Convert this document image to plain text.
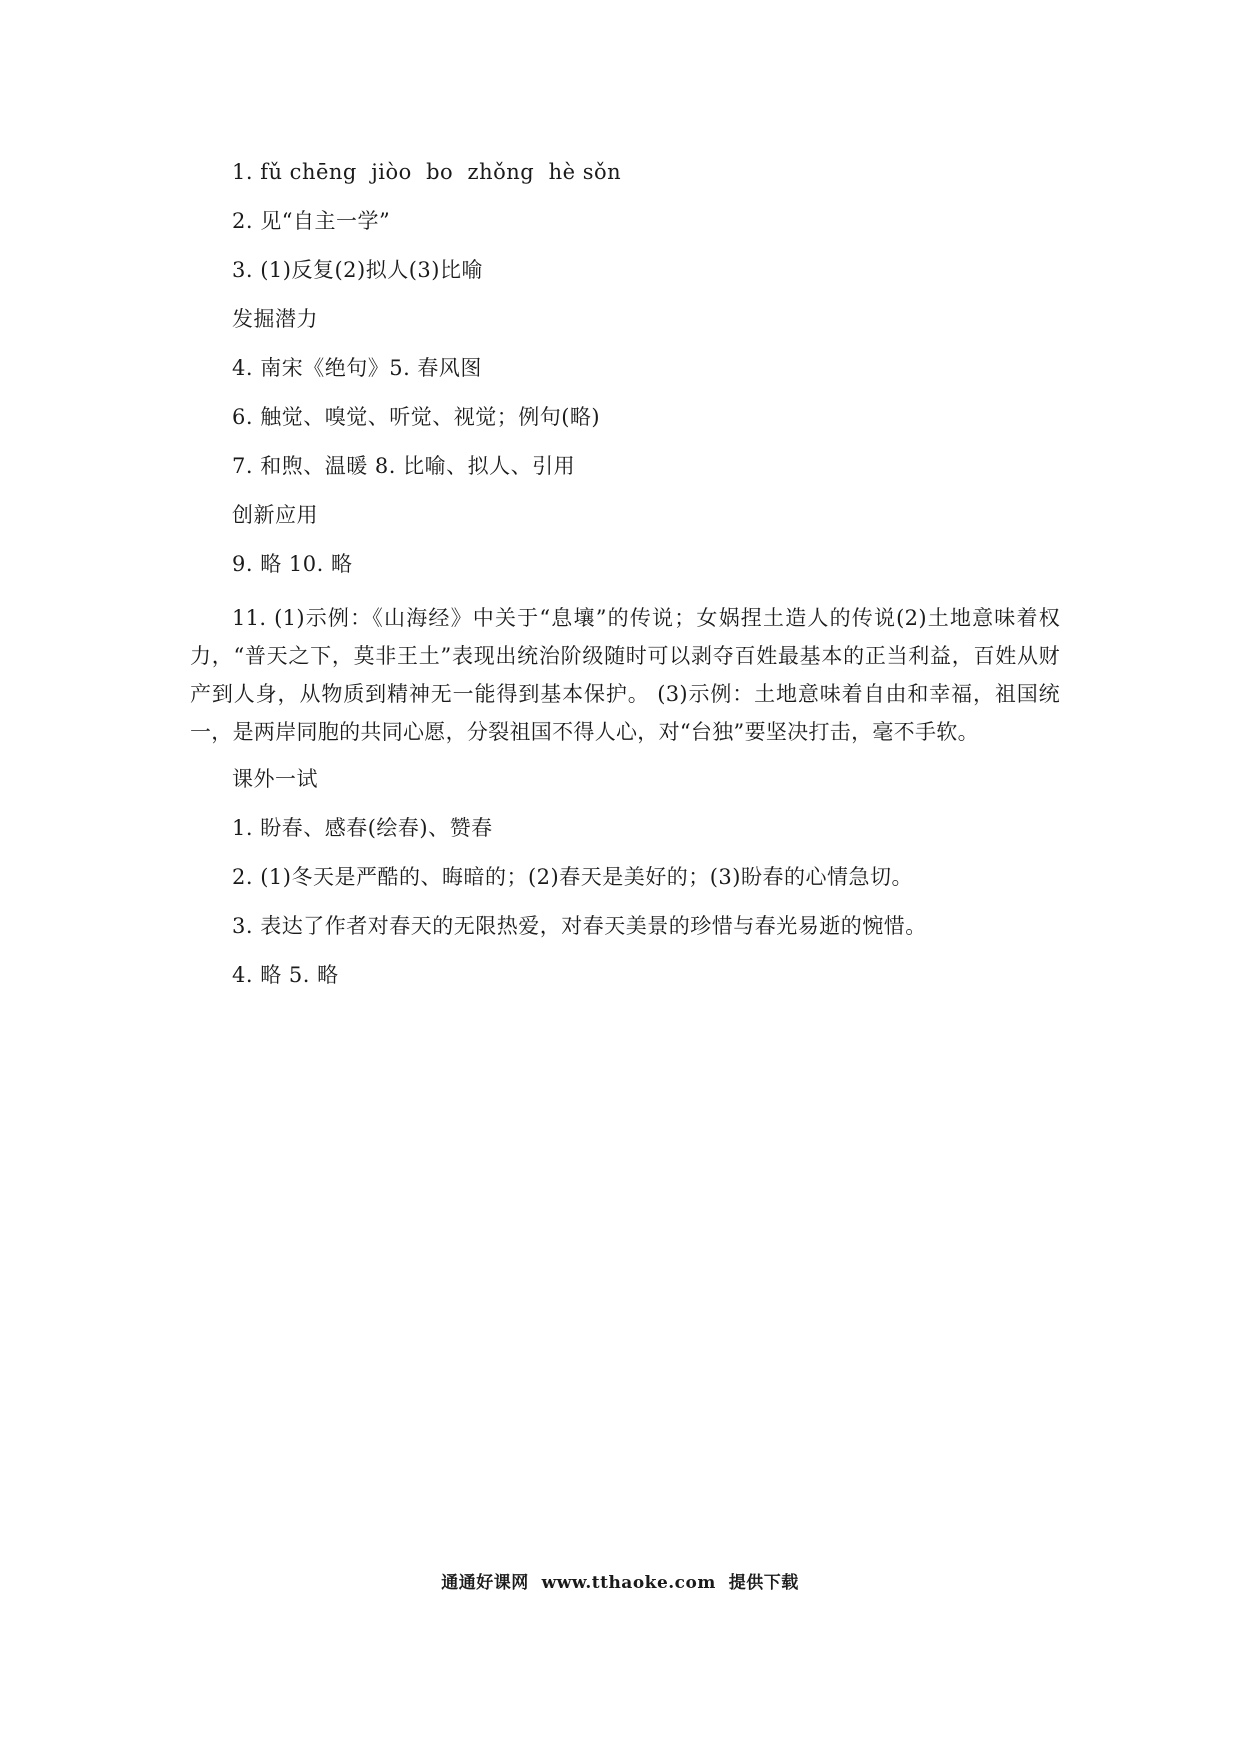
1. fǔ chēng  jiòo  bo  zhǒng  hè sǒn
2. 见“自主一学”
3. (1)反复(2)拟人(3)比喻
发掘潜力
4. 南宋《绝句》5. 春风图
6. 触觉、嗅觉、听觉、视觉；例句(略)
7. 和煦、温暖 8. 比喻、拟人、引用
创新应用
9. 略 10. 略
11. (1)示例：《山海经》中关于“息壤”的传说；女娲捏土造人的传说(2)土地意味着权力，“普天之下，莫非王土”表现出统治阶级随时可以剥夺百姓最基本的正当利益，百姓从财产到人身，从物质到精神无一能得到基本保护。 (3)示例：土地意味着自由和幸福，祖国统一，是两岸同胞的共同心愿，分裂祖国不得人心，对“台独”要坚决打击，毫不手软。
课外一试
1. 盼春、感春(绘春)、赞春
2. (1)冬天是严酷的、晦暗的；(2)春天是美好的；(3)盼春的心情急切。
3. 表达了作者对春天的无限热爱，对春天美景的珍惜与春光易逝的惋惜。
4. 略 5. 略
通通好课网  www.tthaoke.com  提供下载
